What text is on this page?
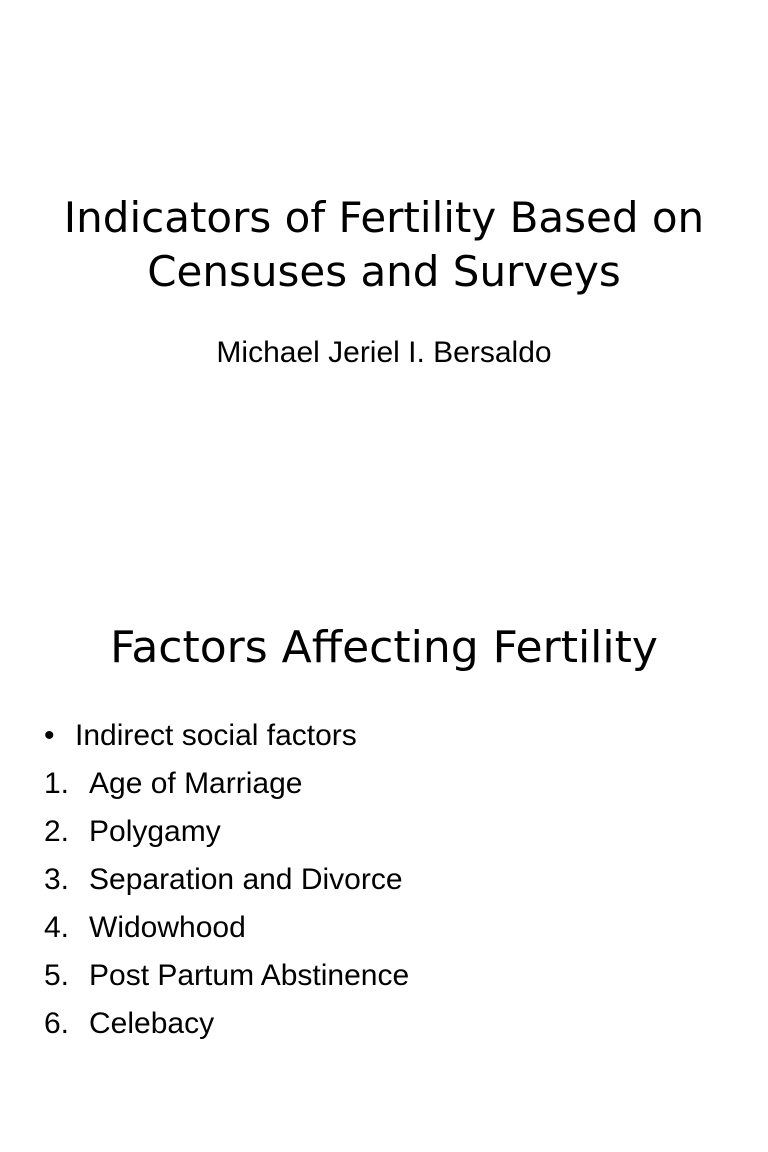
Indicators of Fertility Based on Censuses and Surveys

Michael Jeriel I. Bersaldo

Factors Affecting Fertility
• Indirect social factors
1. Age of Marriage
2. Polygamy
3. Separation and Divorce
4. Widowhood
5. Post Partum Abstinence
6. Celebacy
